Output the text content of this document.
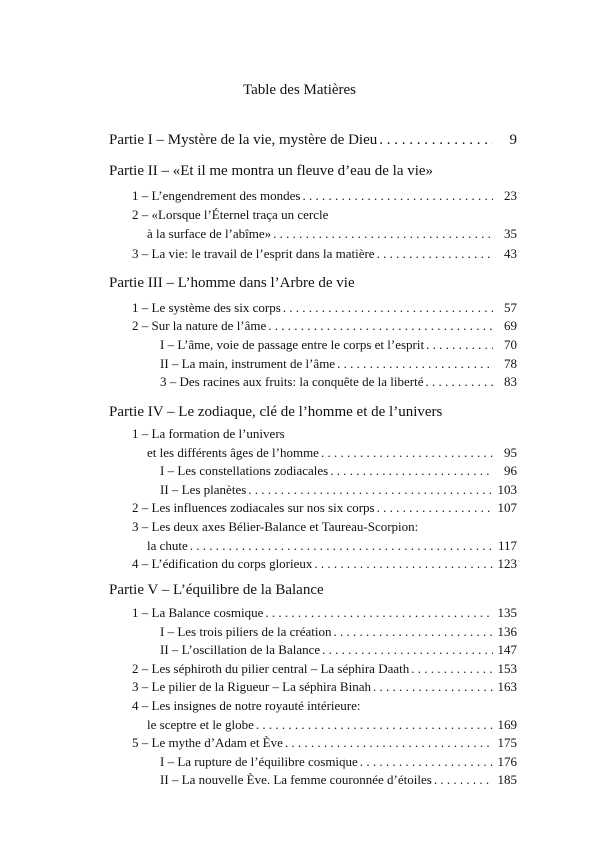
Table des Matières
Partie I – Mystère de la vie, mystère de Dieu . . .	9
Partie II – «Et il me montra un fleuve d’eau de la vie»
1 – L’engendrement des mondes . . .	23
2 – «Lorsque l’Éternel traça un cercle
à la surface de l’abîme» . . .	35
3 – La vie: le travail de l’esprit dans la matière . . .	43
Partie III – L’homme dans l’Arbre de vie
1 – Le système des six corps . . .	57
2 – Sur la nature de l’âme . . .	69
I – L’âme, voie de passage entre le corps et l’esprit . . .	70
II – La main, instrument de l’âme . . .	78
3 – Des racines aux fruits: la conquête de la liberté . . .	83
Partie IV – Le zodiaque, clé de l’homme et de l’univers
1 – La formation de l’univers
et les différents âges de l’homme . . .	95
I – Les constellations zodiacales . . .	96
II – Les planètes . . .	103
2 – Les influences zodiacales sur nos six corps . . .	107
3 – Les deux axes Bélier-Balance et Taureau-Scorpion:
la chute . . .	117
4 – L’édification du corps glorieux . . .	123
Partie V – L’équilibre de la Balance
1 – La Balance cosmique . . .	135
I – Les trois piliers de la création . . .	136
II – L’oscillation de la Balance . . .	147
2 – Les séphiroth du pilier central – La séphira Daath . . .	153
3 – Le pilier de la Rigueur – La séphira Binah . . .	163
4 – Les insignes de notre royauté intérieure:
le sceptre et le globe . . .	169
5 – Le mythe d’Adam et Ève . . .	175
I – La rupture de l’équilibre cosmique . . .	176
II – La nouvelle Ève. La femme couronnée d’étoiles . . .	185
